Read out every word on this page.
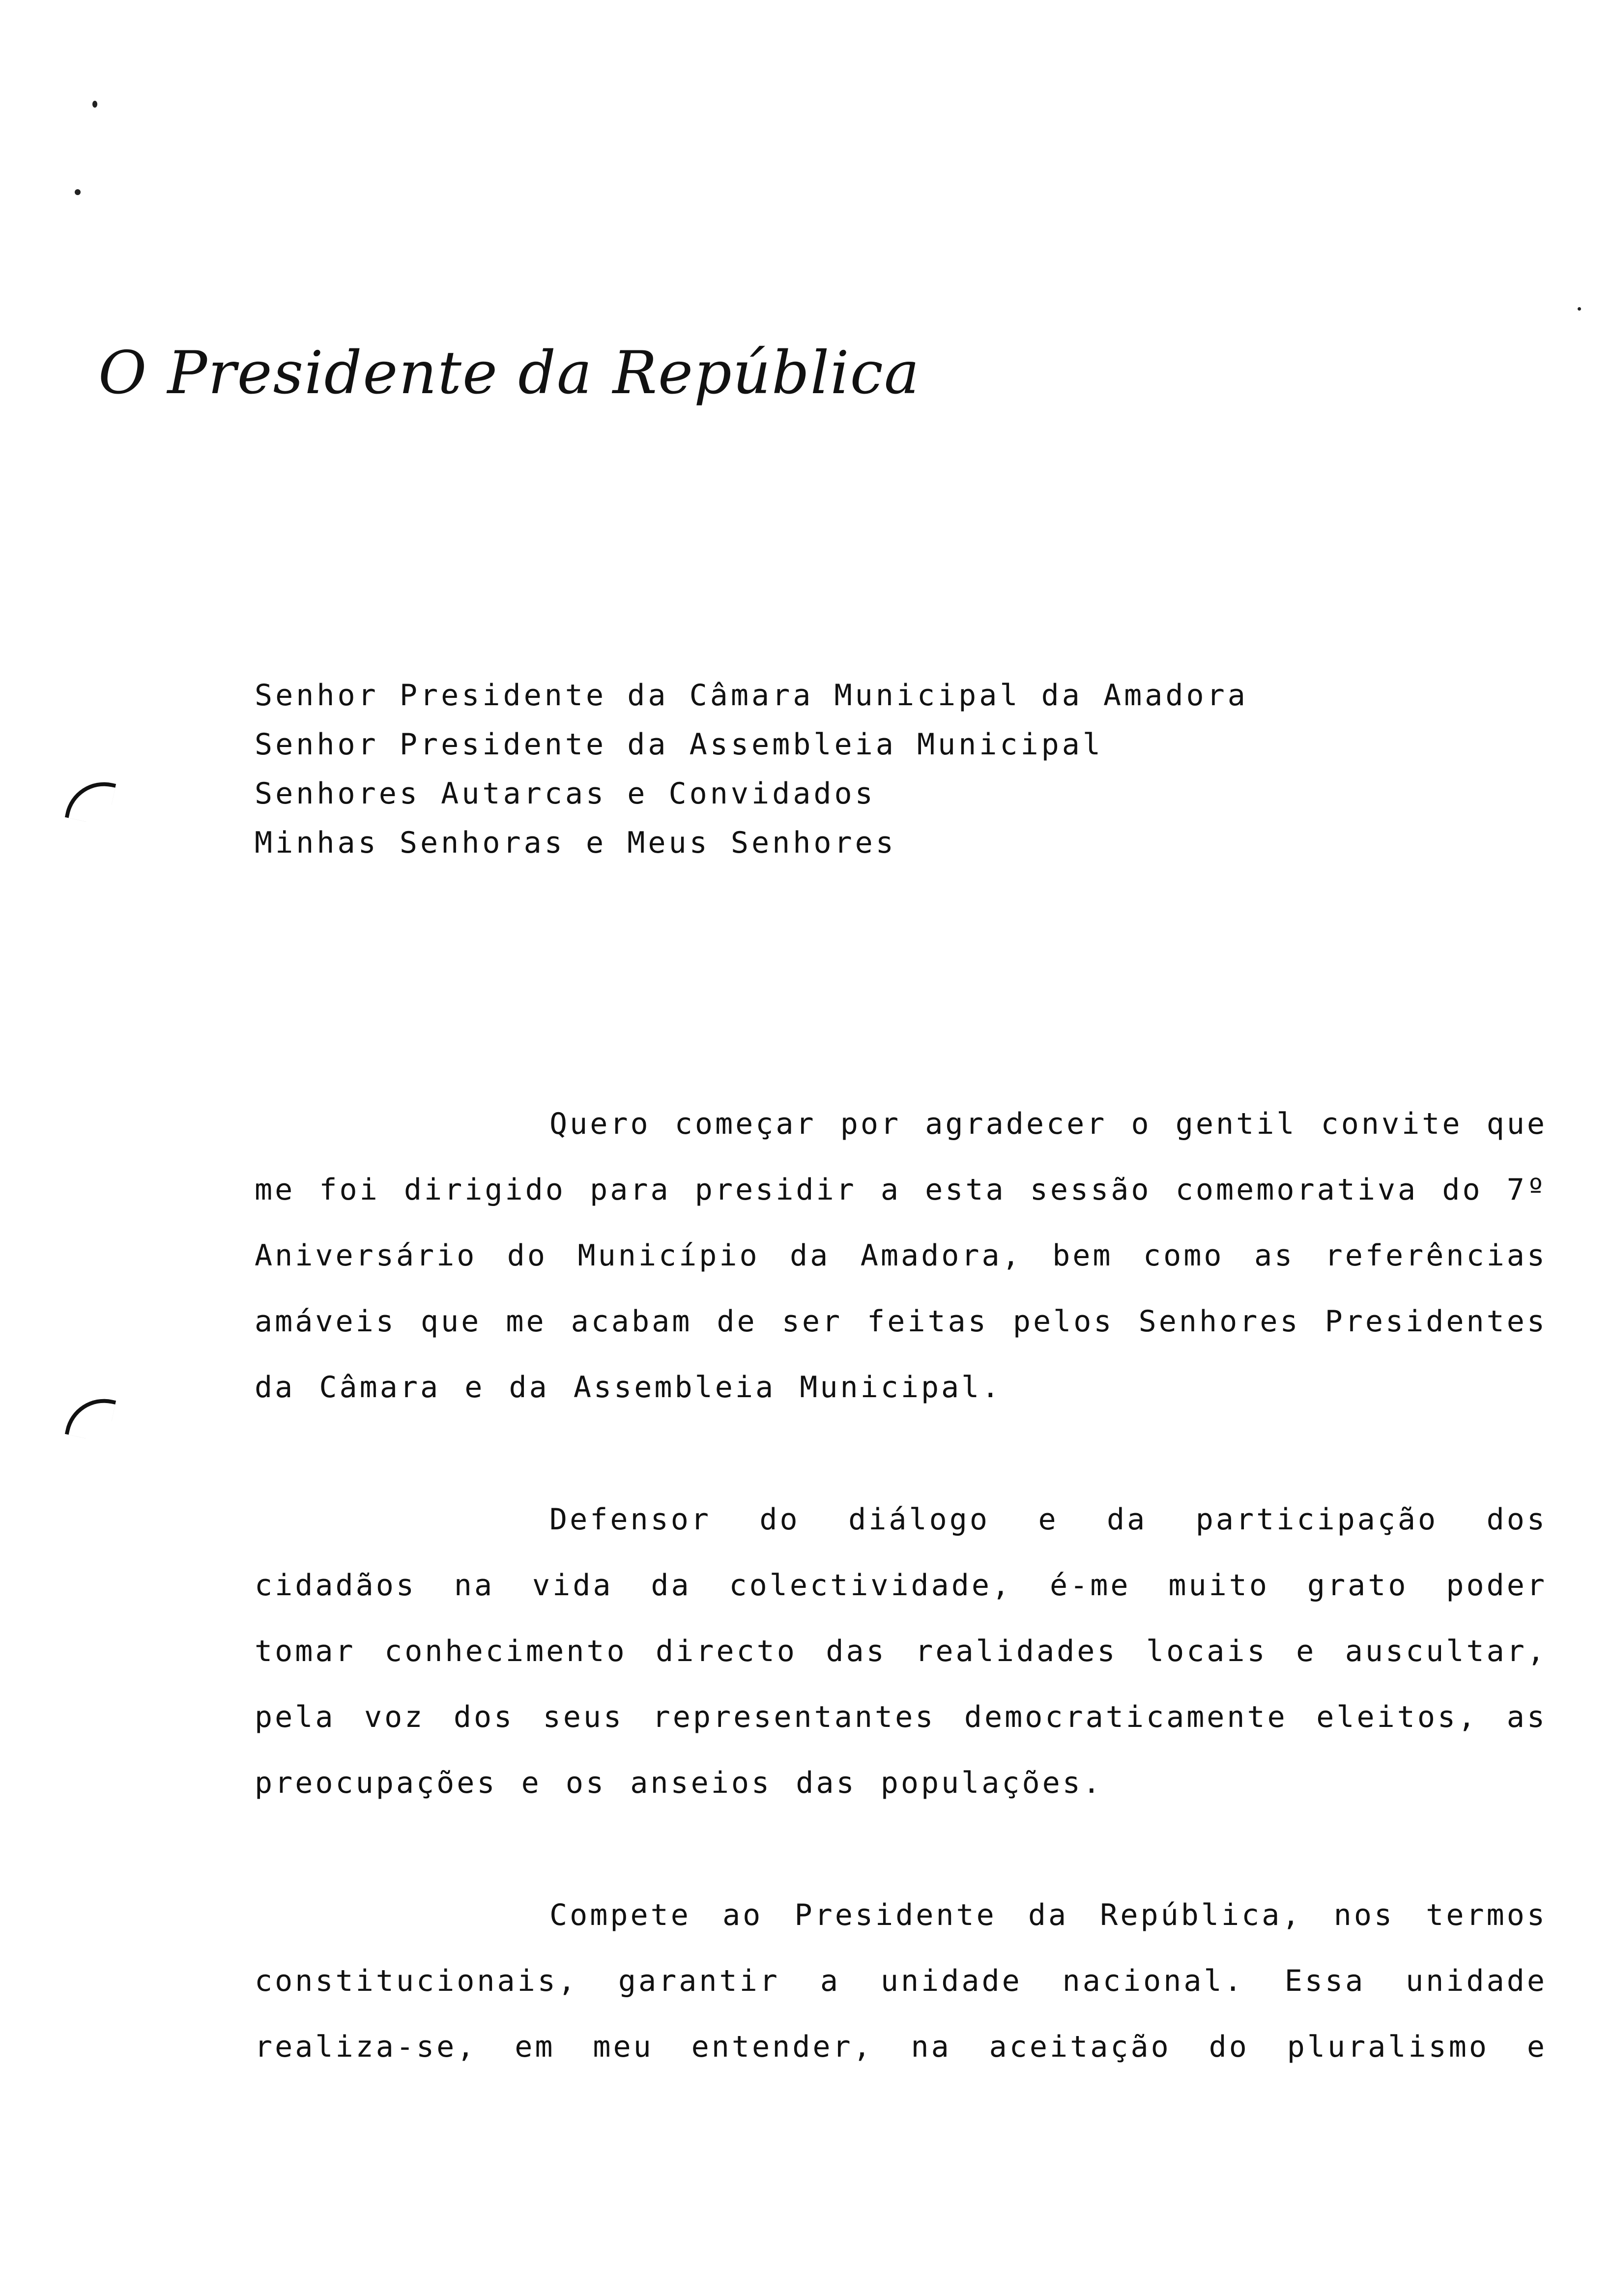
O Presidente da República
Senhor Presidente da Câmara Municipal da Amadora
Senhor Presidente da Assembleia Municipal
Senhores Autarcas e Convidados
Minhas Senhoras e Meus Senhores

Quero começar por agradecer o gentil convite que me foi dirigido para presidir a esta sessão comemorativa do 7º Aniversário do Município da Amadora, bem como as referências amáveis que me acabam de ser feitas pelos Senhores Presidentes da Câmara e da Assembleia Municipal.

Defensor do diálogo e da participação dos cidadãos na vida da colectividade, é-me muito grato poder tomar conhecimento directo das realidades locais e auscultar, pela voz dos seus representantes democraticamente eleitos, as preocupações e os anseios das populações.

Compete ao Presidente da República, nos termos constitucionais, garantir a unidade nacional. Essa unidade realiza-se, em meu entender, na aceitação do pluralismo e
